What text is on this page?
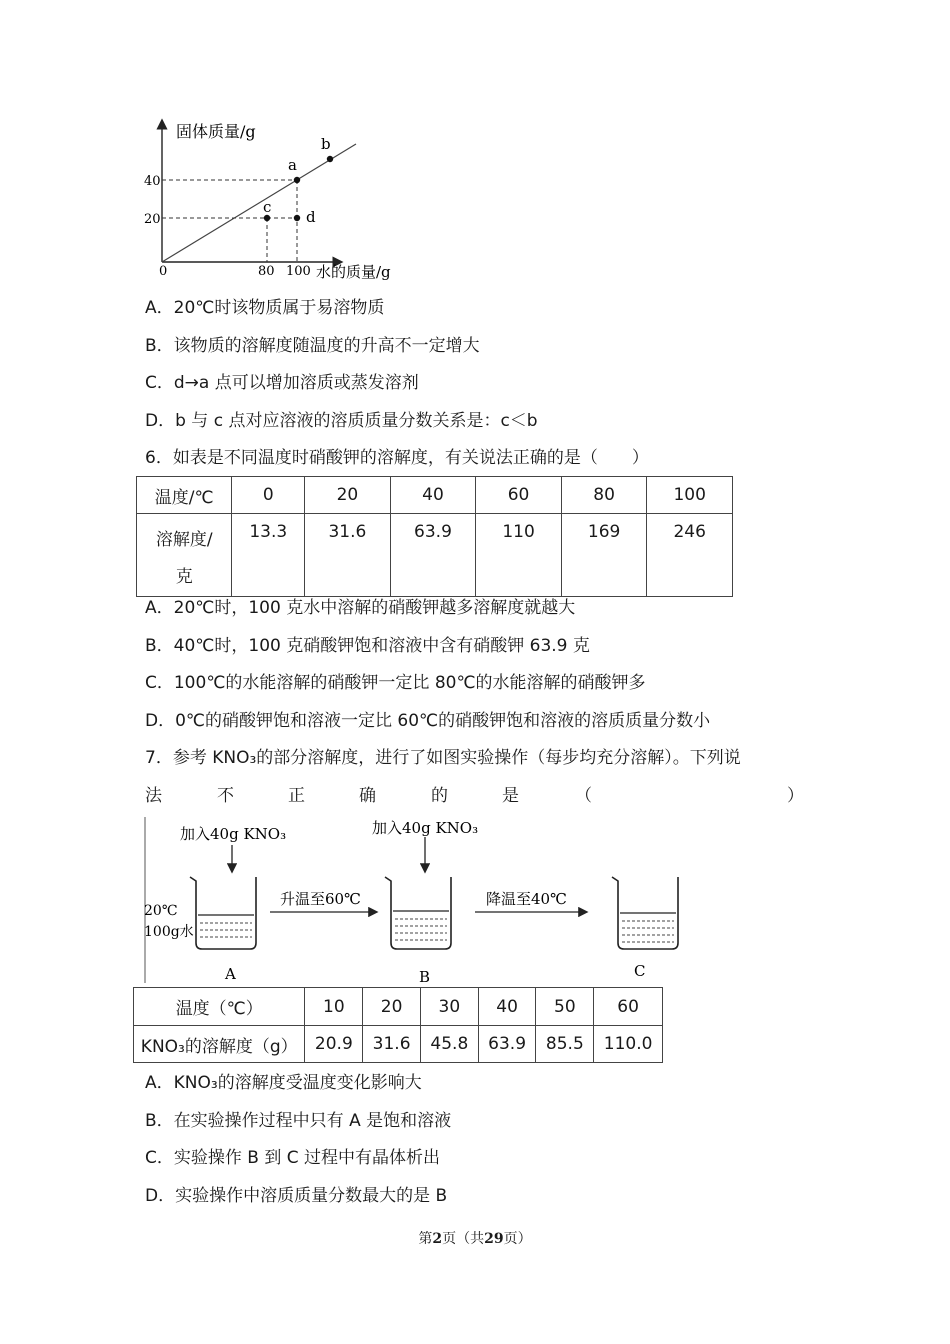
固体质量/g
水的质量/g
0
40
20
80 100
a
b
c
d
A．20℃时该物质属于易溶物质
B．该物质的溶解度随温度的升高不一定增大
C．d→a 点可以增加溶质或蒸发溶剂
D．b 与 c 点对应溶液的溶质质量分数关系是：c＜b
6．如表是不同温度时硝酸钾的溶解度，有关说法正确的是（　　）
温度/℃	0	20	40	60	80	100

溶解度/
克	13.3	31.6	63.9	110	169	246
A．20℃时，100 克水中溶解的硝酸钾越多溶解度就越大
B．40℃时，100 克硝酸钾饱和溶液中含有硝酸钾 63.9 克
C．100℃的水能溶解的硝酸钾一定比 80℃的水能溶解的硝酸钾多
D．0℃的硝酸钾饱和溶液一定比 60℃的硝酸钾饱和溶液的溶质质量分数小
7．参考 KNO₃的部分溶解度，进行了如图实验操作（每步均充分溶解）。下列说
法	不	正	确	的	是	（	）
加入40g KNO₃	加入40g KNO₃
20℃
100g水
升温至60℃	降温至40℃
A	B	C
温度（℃）	10	20	30	40	50	60
KNO₃的溶解度（g）	20.9	31.6	45.8	63.9	85.5	110.0
A．KNO₃的溶解度受温度变化影响大
B．在实验操作过程中只有 A 是饱和溶液
C．实验操作 B 到 C 过程中有晶体析出
D．实验操作中溶质质量分数最大的是 B
第2页（共29页）
